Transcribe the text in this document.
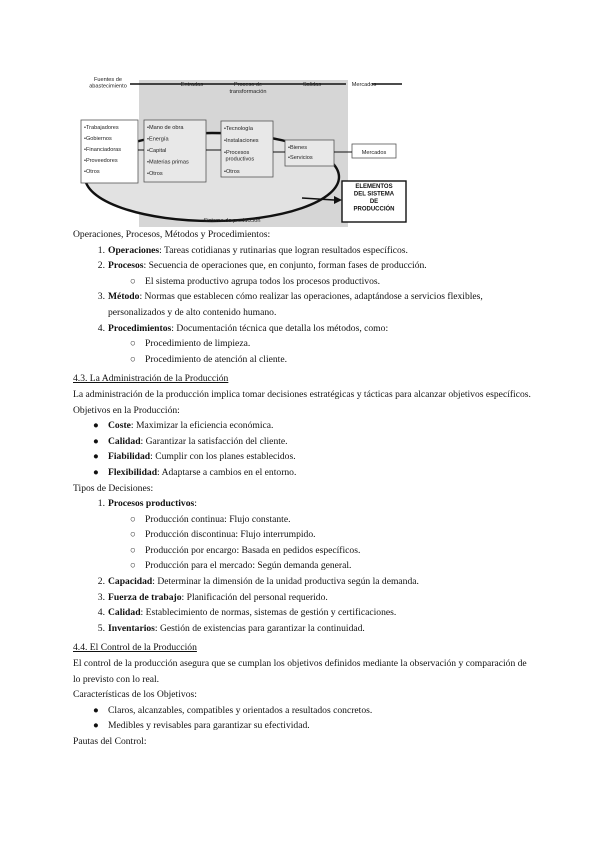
Fuentes de abastecimiento	Entradas	Proceso de transformación
Salidas	Mercados
•Trabajadores
•Gobiernos
•Financiadoras
•Proveedores
•Otros
•Mano de obra
•Energía
•Capital
•Materias primas
•Otros
•Tecnología
•Instalaciones
•Procesos productivos
•Otros
•Bienes
•Servicios
Mercados
ELEMENTOS DEL SISTEMA DE PRODUCCIÓN
Sistema de producción

Operaciones, Procesos, Métodos y Procedimientos:

1. Operaciones: Tareas cotidianas y rutinarias que logran resultados específicos.
2. Procesos: Secuencia de operaciones que, en conjunto, forman fases de producción.
○ El sistema productivo agrupa todos los procesos productivos.
3. Método: Normas que establecen cómo realizar las operaciones, adaptándose a servicios flexibles, personalizados y de alto contenido humano.
4. Procedimientos: Documentación técnica que detalla los métodos, como:
○ Procedimiento de limpieza.
○ Procedimiento de atención al cliente.

4.3. La Administración de la Producción

La administración de la producción implica tomar decisiones estratégicas y tácticas para alcanzar objetivos específicos.

Objetivos en la Producción:

● Coste: Maximizar la eficiencia económica.
● Calidad: Garantizar la satisfacción del cliente.
● Fiabilidad: Cumplir con los planes establecidos.
● Flexibilidad: Adaptarse a cambios en el entorno.

Tipos de Decisiones:

1. Procesos productivos:
○ Producción continua: Flujo constante.
○ Producción discontinua: Flujo interrumpido.
○ Producción por encargo: Basada en pedidos específicos.
○ Producción para el mercado: Según demanda general.
2. Capacidad: Determinar la dimensión de la unidad productiva según la demanda.
3. Fuerza de trabajo: Planificación del personal requerido.
4. Calidad: Establecimiento de normas, sistemas de gestión y certificaciones.
5. Inventarios: Gestión de existencias para garantizar la continuidad.

4.4. El Control de la Producción

El control de la producción asegura que se cumplan los objetivos definidos mediante la observación y comparación de lo previsto con lo real.

Características de los Objetivos:

● Claros, alcanzables, compatibles y orientados a resultados concretos.
● Medibles y revisables para garantizar su efectividad.

Pautas del Control:
